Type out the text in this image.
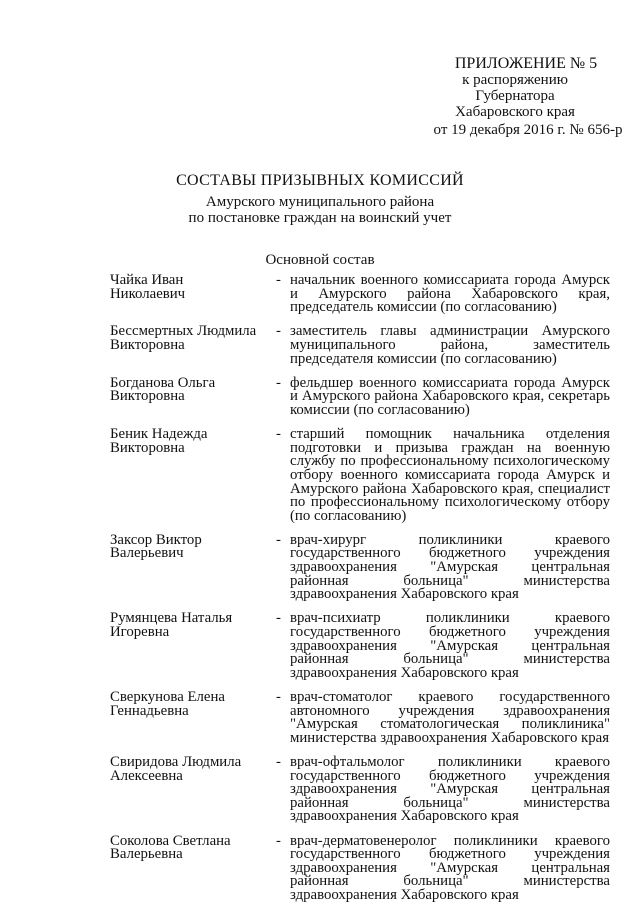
ПРИЛОЖЕНИЕ № 5
к распоряжению
Губернатора
Хабаровского края
от 19 декабря 2016 г. № 656-р
СОСТАВЫ ПРИЗЫВНЫХ КОМИССИЙ
Амурского муниципального района
по постановке граждан на воинский учет
Основной состав
Чайка Иван
Николаевич
- начальник военного комиссариата города Амурск и Амурского района Хабаровского края, председатель комиссии (по согласованию)
Бессмертных Людмила
Викторовна
- заместитель главы администрации Амурского муниципального района, заместитель председателя комиссии (по согласованию)
Богданова Ольга
Викторовна
- фельдшер военного комиссариата города Амурск и Амурского района Хабаровского края, секретарь комиссии (по согласованию)
Беник Надежда
Викторовна
- старший помощник начальника отделения подготовки и призыва граждан на военную службу по профессиональному психологическому отбору военного комиссариата города Амурск и Амурского района Хабаровского края, специалист по профессиональному психологическому отбору (по согласованию)
Заксор Виктор
Валерьевич
- врач-хирург поликлиники краевого государственного бюджетного учреждения здравоохранения "Амурская центральная районная больница" министерства здравоохранения Хабаровского края
Румянцева Наталья
Игоревна
- врач-психиатр поликлиники краевого государственного бюджетного учреждения здравоохранения "Амурская центральная районная больница" министерства здравоохранения Хабаровского края
Сверкунова Елена
Геннадьевна
- врач-стоматолог краевого государственного автономного учреждения здравоохранения "Амурская стоматологическая поликлиника" министерства здравоохранения Хабаровского края
Свиридова Людмила
Алексеевна
- врач-офтальмолог поликлиники краевого государственного бюджетного учреждения здравоохранения "Амурская центральная районная больница" министерства здравоохранения Хабаровского края
Соколова Светлана
Валерьевна
- врач-дерматовенеролог поликлиники краевого государственного бюджетного учреждения здравоохранения "Амурская центральная районная больница" министерства здравоохранения Хабаровского края
